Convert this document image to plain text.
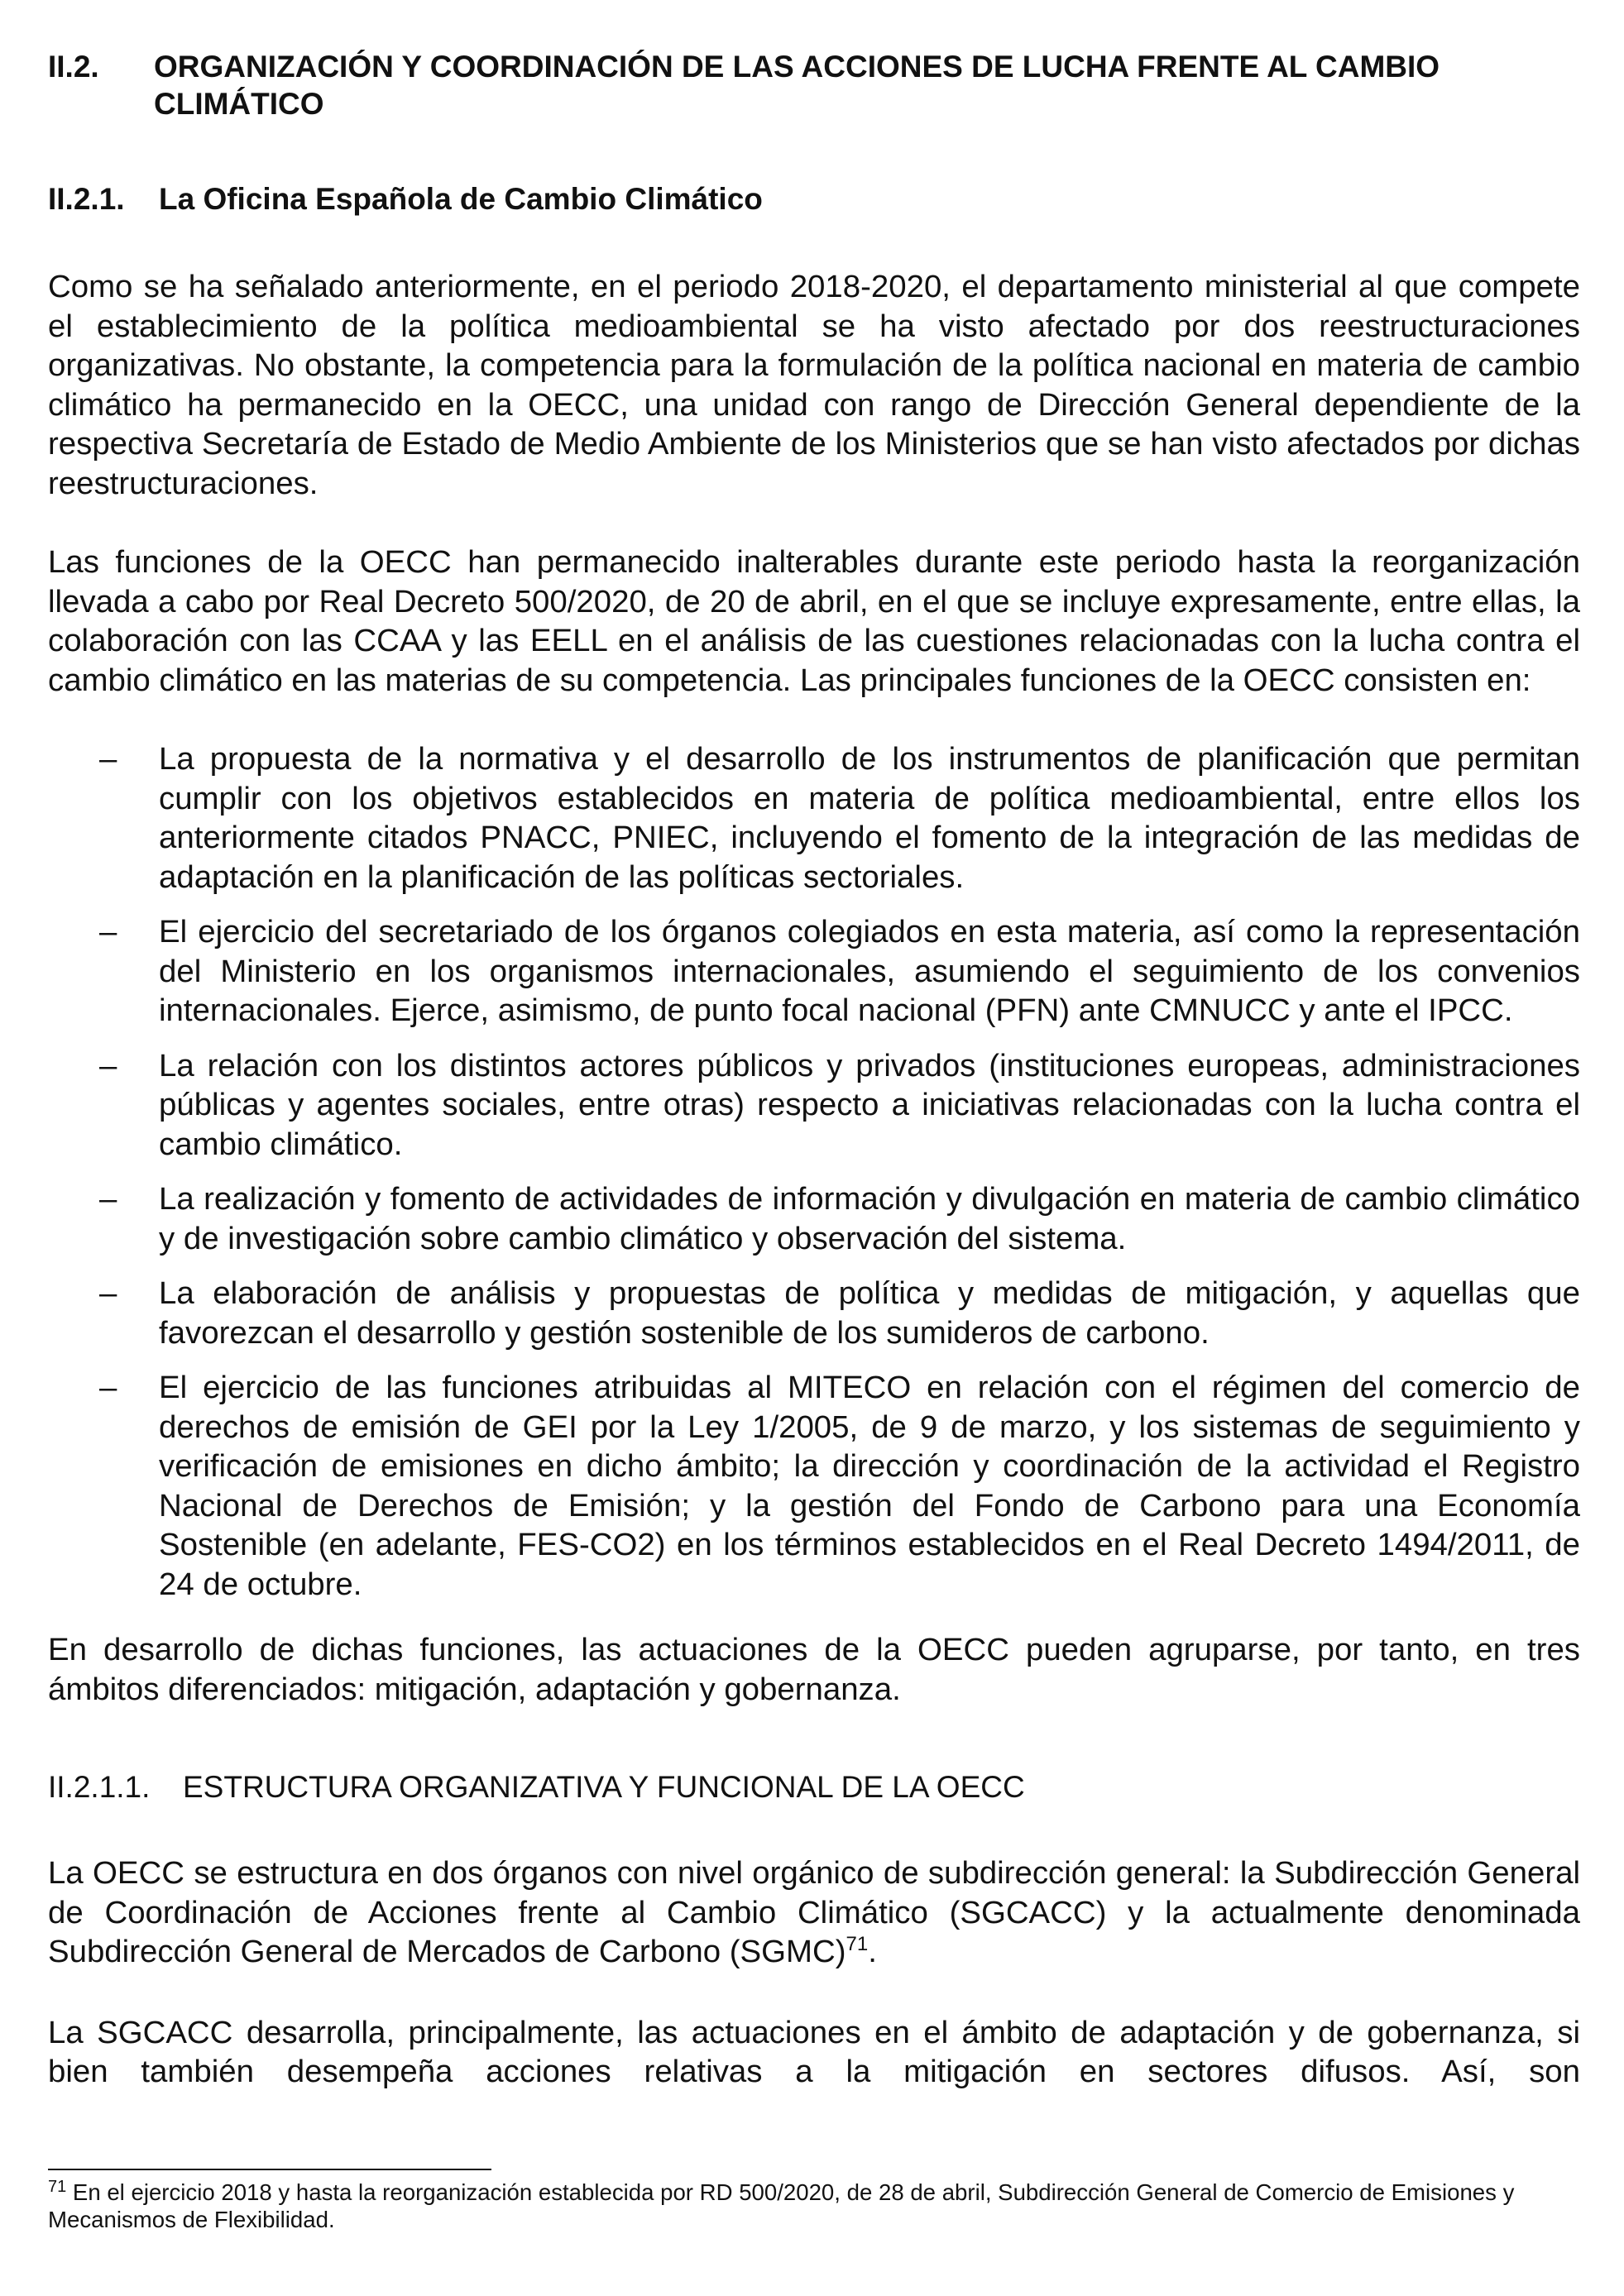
II.2.	ORGANIZACIÓN Y COORDINACIÓN DE LAS ACCIONES DE LUCHA FRENTE AL CAMBIO CLIMÁTICO
II.2.1.	La Oficina Española de Cambio Climático

Como se ha señalado anteriormente, en el periodo 2018-2020, el departamento ministerial al que compete el establecimiento de la política medioambiental se ha visto afectado por dos reestructuraciones organizativas. No obstante, la competencia para la formulación de la política nacional en materia de cambio climático ha permanecido en la OECC, una unidad con rango de Dirección General dependiente de la respectiva Secretaría de Estado de Medio Ambiente de los Ministerios que se han visto afectados por dichas reestructuraciones.

Las funciones de la OECC han permanecido inalterables durante este periodo hasta la reorganización llevada a cabo por Real Decreto 500/2020, de 20 de abril, en el que se incluye expresamente, entre ellas, la colaboración con las CCAA y las EELL en el análisis de las cuestiones relacionadas con la lucha contra el cambio climático en las materias de su competencia. Las principales funciones de la OECC consisten en:

–	La propuesta de la normativa y el desarrollo de los instrumentos de planificación que permitan cumplir con los objetivos establecidos en materia de política medioambiental, entre ellos los anteriormente citados PNACC, PNIEC, incluyendo el fomento de la integración de las medidas de adaptación en la planificación de las políticas sectoriales.
–	El ejercicio del secretariado de los órganos colegiados en esta materia, así como la representación del Ministerio en los organismos internacionales, asumiendo el seguimiento de los convenios internacionales. Ejerce, asimismo, de punto focal nacional (PFN) ante CMNUCC y ante el IPCC.
–	La relación con los distintos actores públicos y privados (instituciones europeas, administraciones públicas y agentes sociales, entre otras) respecto a iniciativas relacionadas con la lucha contra el cambio climático.
–	La realización y fomento de actividades de información y divulgación en materia de cambio climático y de investigación sobre cambio climático y observación del sistema.
–	La elaboración de análisis y propuestas de política y medidas de mitigación, y aquellas que favorezcan el desarrollo y gestión sostenible de los sumideros de carbono.
–	El ejercicio de las funciones atribuidas al MITECO en relación con el régimen del comercio de derechos de emisión de GEI por la Ley 1/2005, de 9 de marzo, y los sistemas de seguimiento y verificación de emisiones en dicho ámbito; la dirección y coordinación de la actividad el Registro Nacional de Derechos de Emisión; y la gestión del Fondo de Carbono para una Economía Sostenible (en adelante, FES-CO2) en los términos establecidos en el Real Decreto 1494/2011, de 24 de octubre.

En desarrollo de dichas funciones, las actuaciones de la OECC pueden agruparse, por tanto, en tres ámbitos diferenciados: mitigación, adaptación y gobernanza.

II.2.1.1.	ESTRUCTURA ORGANIZATIVA Y FUNCIONAL DE LA OECC

La OECC se estructura en dos órganos con nivel orgánico de subdirección general: la Subdirección General de Coordinación de Acciones frente al Cambio Climático (SGCACC) y la actualmente denominada Subdirección General de Mercados de Carbono (SGMC)$^{71}$.

La SGCACC desarrolla, principalmente, las actuaciones en el ámbito de adaptación y de gobernanza, si bien también desempeña acciones relativas a la mitigación en sectores difusos. Así, son

$^{71}$ En el ejercicio 2018 y hasta la reorganización establecida por RD 500/2020, de 28 de abril, Subdirección General de Comercio de Emisiones y Mecanismos de Flexibilidad.
